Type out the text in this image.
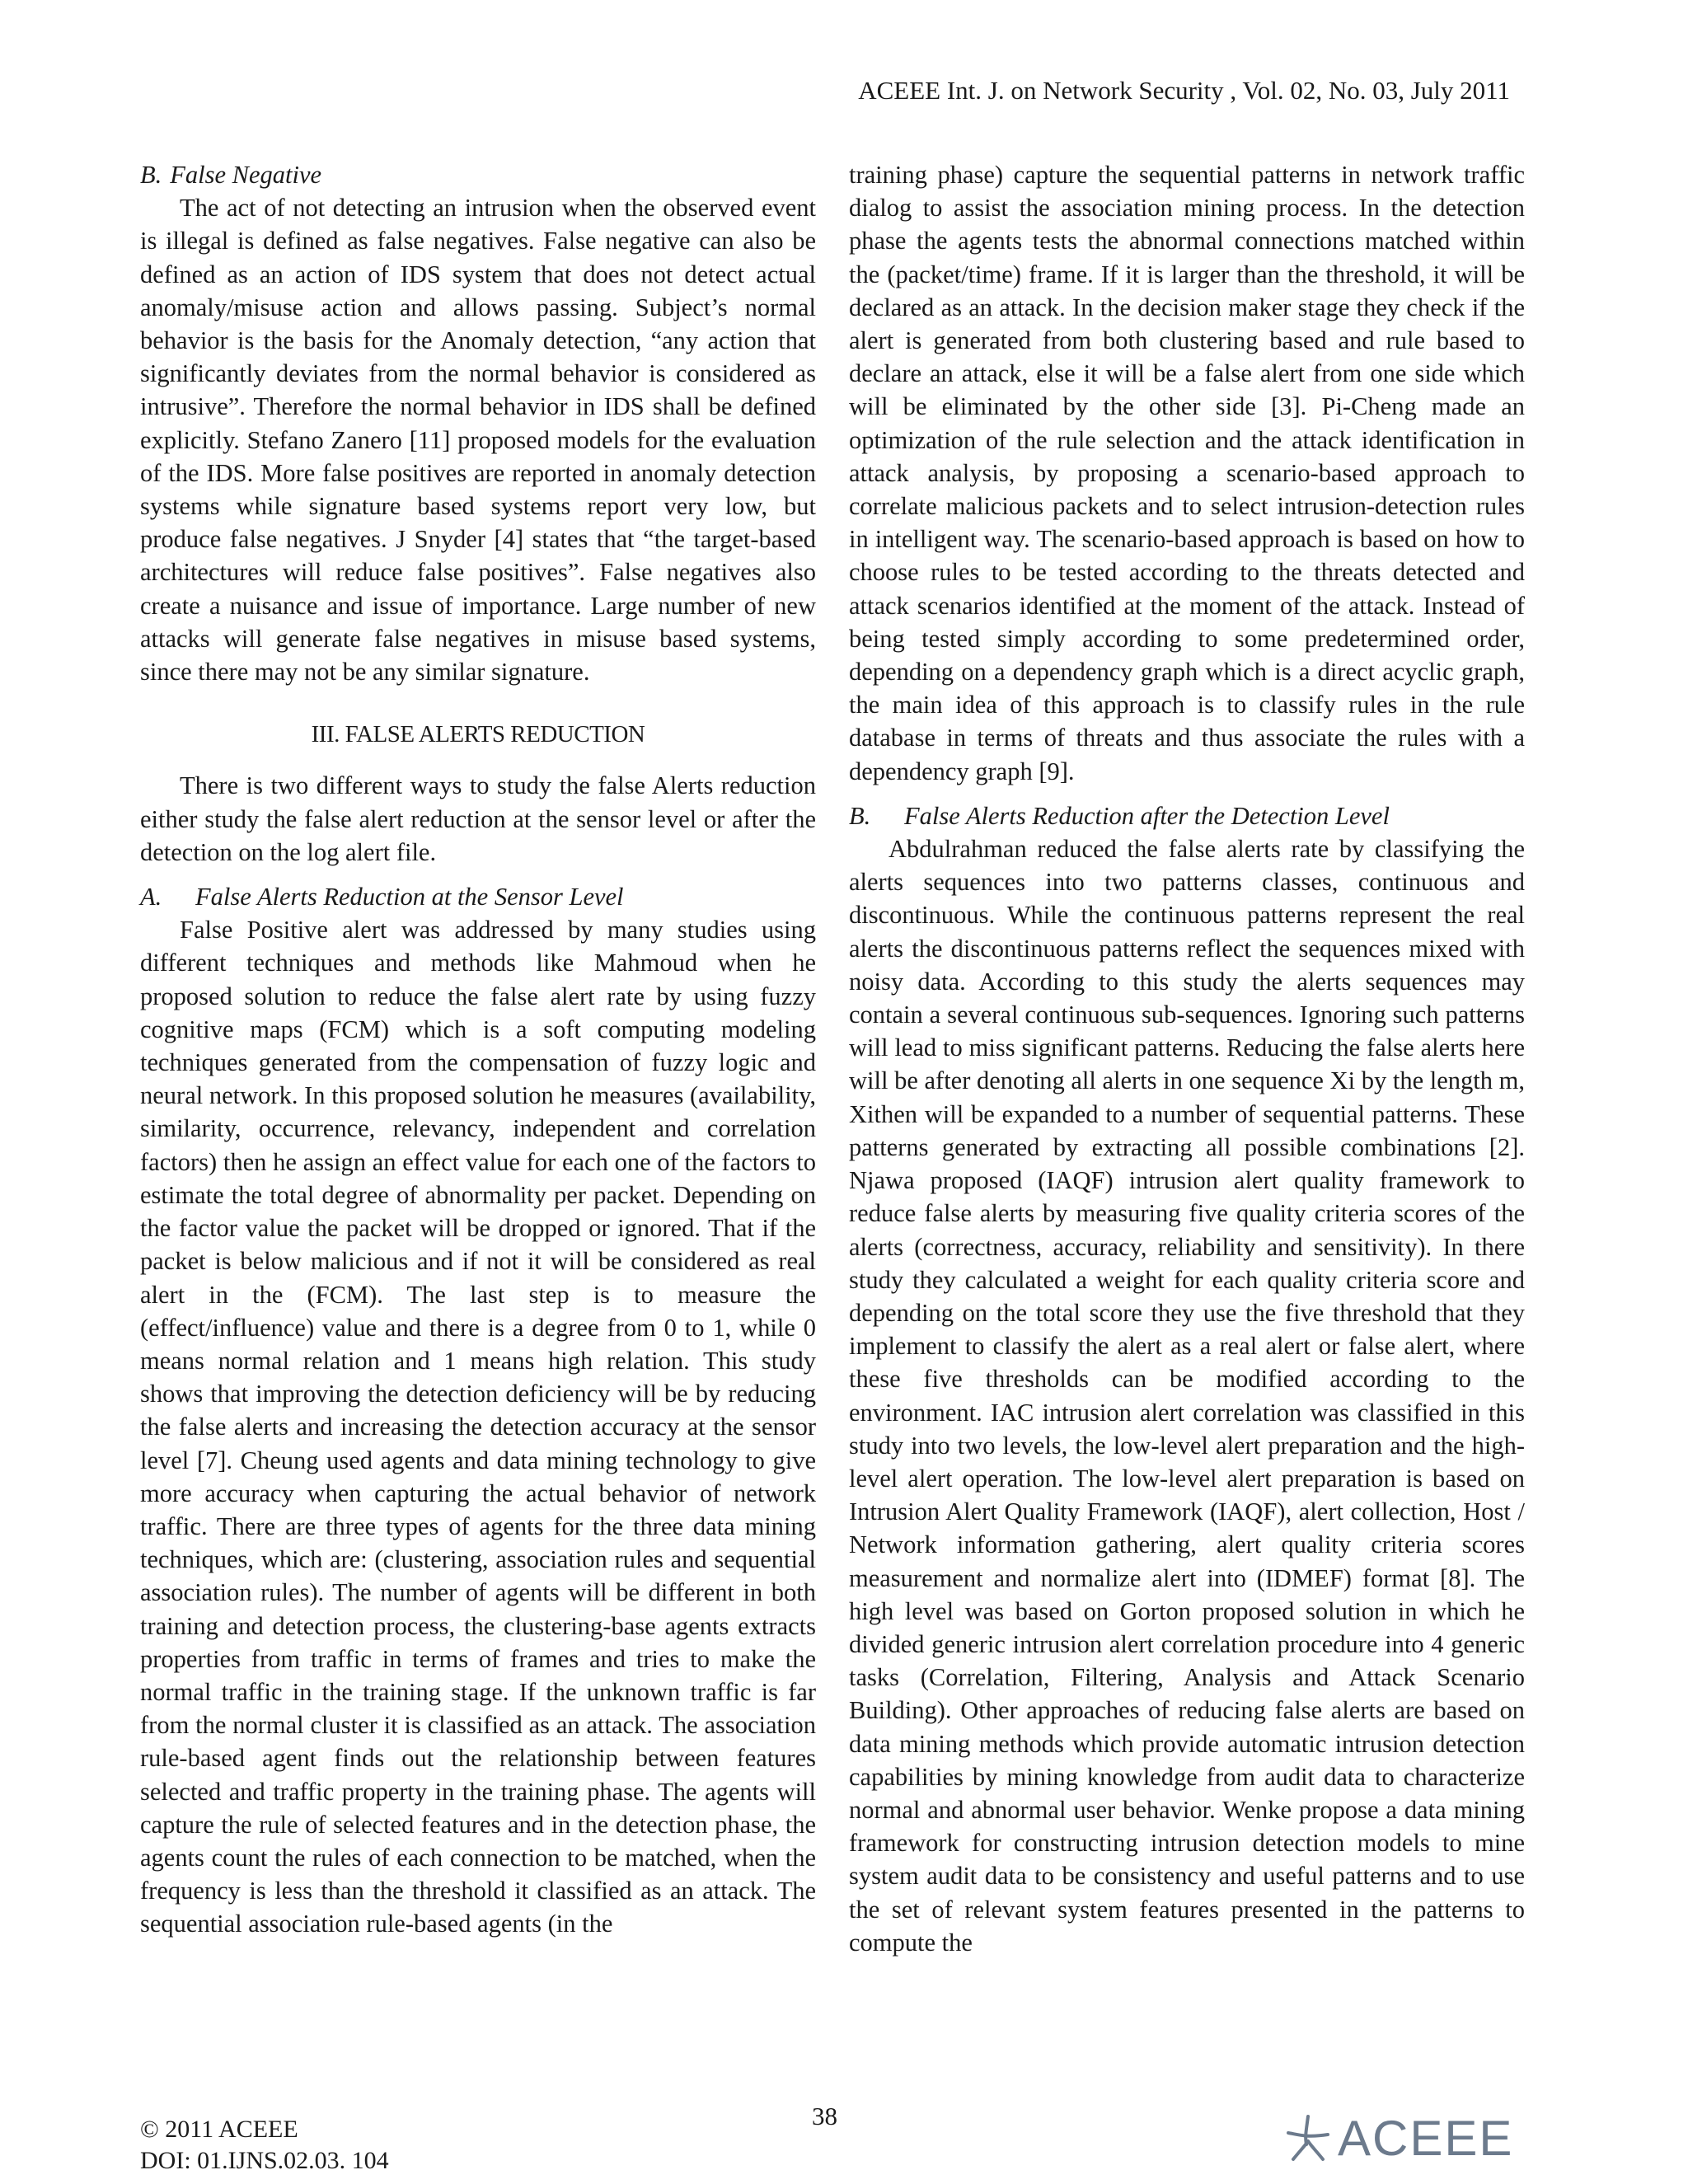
ACEEE Int. J. on Network Security , Vol. 02, No. 03, July 2011
B. False Negative

The act of not detecting an intrusion when the observed event is illegal is defined as false negatives. False negative can also be defined as an action of IDS system that does not detect actual anomaly/misuse action and allows passing. Subject’s normal behavior is the basis for the Anomaly detection, “any action that significantly deviates from the normal behavior is considered as intrusive”. Therefore the normal behavior in IDS shall be defined explicitly. Stefano Zanero [11] proposed models for the evaluation of the IDS. More false positives are reported in anomaly detection systems while signature based systems report very low, but produce false negatives. J Snyder [4] states that “the target-based architectures will reduce false positives”. False negatives also create a nuisance and issue of importance. Large number of new attacks will generate false negatives in misuse based systems, since there may not be any similar signature.

III. FALSE ALERTS REDUCTION

There is two different ways to study the false Alerts reduction either study the false alert reduction at the sensor level or after the detection on the log alert file.

A. False Alerts Reduction at the Sensor Level

False Positive alert was addressed by many studies using different techniques and methods like Mahmoud when he proposed solution to reduce the false alert rate by using fuzzy cognitive maps (FCM) which is a soft computing modeling techniques generated from the compensation of fuzzy logic and neural network. In this proposed solution he measures (availability, similarity, occurrence, relevancy, independent and correlation factors) then he assign an effect value for each one of the factors to estimate the total degree of abnormality per packet. Depending on the factor value the packet will be dropped or ignored. That if the packet is below malicious and if not it will be considered as real alert in the (FCM). The last step is to measure the (effect/influence) value and there is a degree from 0 to 1, while 0 means normal relation and 1 means high relation. This study shows that improving the detection deficiency will be by reducing the false alerts and increasing the detection accuracy at the sensor level [7]. Cheung used agents and data mining technology to give more accuracy when capturing the actual behavior of network traffic. There are three types of agents for the three data mining techniques, which are: (clustering, association rules and sequential association rules). The number of agents will be different in both training and detection process, the clustering-base agents extracts properties from traffic in terms of frames and tries to make the normal traffic in the training stage. If the unknown traffic is far from the normal cluster it is classified as an attack. The association rule-based agent finds out the relationship between features selected and traffic property in the training phase. The agents will capture the rule of selected features and in the detection phase, the agents count the rules of each connection to be matched, when the frequency is less than the threshold it classified as an attack. The sequential association rule-based agents (in the

training phase) capture the sequential patterns in network traffic dialog to assist the association mining process. In the detection phase the agents tests the abnormal connections matched within the (packet/time) frame. If it is larger than the threshold, it will be declared as an attack. In the decision maker stage they check if the alert is generated from both clustering based and rule based to declare an attack, else it will be a false alert from one side which will be eliminated by the other side [3]. Pi-Cheng made an optimization of the rule selection and the attack identification in attack analysis, by proposing a scenario-based approach to correlate malicious packets and to select intrusion-detection rules in intelligent way. The scenario-based approach is based on how to choose rules to be tested according to the threats detected and attack scenarios identified at the moment of the attack. Instead of being tested simply according to some predetermined order, depending on a dependency graph which is a direct acyclic graph, the main idea of this approach is to classify rules in the rule database in terms of threats and thus associate the rules with a dependency graph [9].

B. False Alerts Reduction after the Detection Level

Abdulrahman reduced the false alerts rate by classifying the alerts sequences into two patterns classes, continuous and discontinuous. While the continuous patterns represent the real alerts the discontinuous patterns reflect the sequences mixed with noisy data. According to this study the alerts sequences may contain a several continuous sub-sequences. Ignoring such patterns will lead to miss significant patterns. Reducing the false alerts here will be after denoting all alerts in one sequence Xi by the length m, Xithen will be expanded to a number of sequential patterns. These patterns generated by extracting all possible combinations [2]. Njawa proposed (IAQF) intrusion alert quality framework to reduce false alerts by measuring five quality criteria scores of the alerts (correctness, accuracy, reliability and sensitivity). In there study they calculated a weight for each quality criteria score and depending on the total score they use the five threshold that they implement to classify the alert as a real alert or false alert, where these five thresholds can be modified according to the environment. IAC intrusion alert correlation was classified in this study into two levels, the low-level alert preparation and the high-level alert operation. The low-level alert preparation is based on Intrusion Alert Quality Framework (IAQF), alert collection, Host / Network information gathering, alert quality criteria scores measurement and normalize alert into (IDMEF) format [8]. The high level was based on Gorton proposed solution in which he divided generic intrusion alert correlation procedure into 4 generic tasks (Correlation, Filtering, Analysis and Attack Scenario Building). Other approaches of reducing false alerts are based on data mining methods which provide automatic intrusion detection capabilities by mining knowledge from audit data to characterize normal and abnormal user behavior. Wenke propose a data mining framework for constructing intrusion detection models to mine system audit data to be consistency and useful patterns and to use the set of relevant system features presented in the patterns to compute the

38
© 2011 ACEEE
DOI: 01.IJNS.02.03. 104	ACEEE
